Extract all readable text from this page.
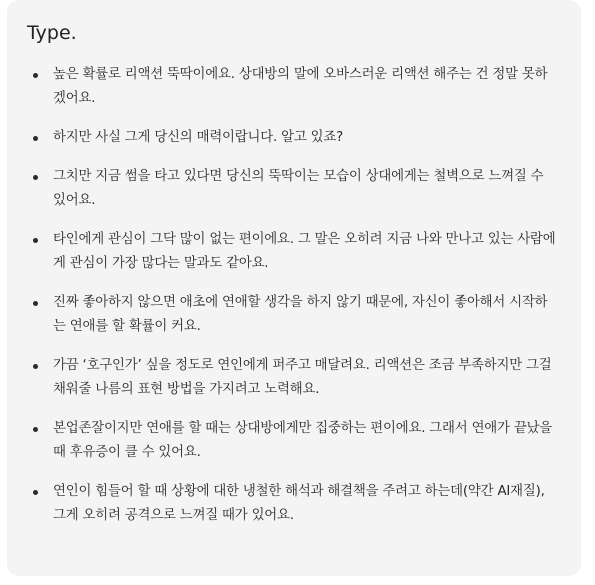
Type.
높은 확률로 리액션 뚝딱이에요. 상대방의 말에 오바스러운 리액션 해주는 건 정말 못하겠어요.
하지만 사실 그게 당신의 매력이랍니다. 알고 있죠?
그치만 지금 썸을 타고 있다면 당신의 뚝딱이는 모습이 상대에게는 철벽으로 느껴질 수 있어요.
타인에게 관심이 그닥 많이 없는 편이에요. 그 말은 오히려 지금 나와 만나고 있는 사람에게 관심이 가장 많다는 말과도 같아요.
진짜 좋아하지 않으면 애초에 연애할 생각을 하지 않기 때문에, 자신이 좋아해서 시작하는 연애를 할 확률이 커요.
가끔 ‘호구인가’ 싶을 정도로 연인에게 퍼주고 매달려요. 리액션은 조금 부족하지만 그걸 채워줄 나름의 표현 방법을 가지려고 노력해요.
본업존잘이지만 연애를 할 때는 상대방에게만 집중하는 편이에요. 그래서 연애가 끝났을 때 후유증이 클 수 있어요.
연인이 힘들어 할 때 상황에 대한 냉철한 해석과 해결책을 주려고 하는데(약간 AI재질), 그게 오히려 공격으로 느껴질 때가 있어요.
